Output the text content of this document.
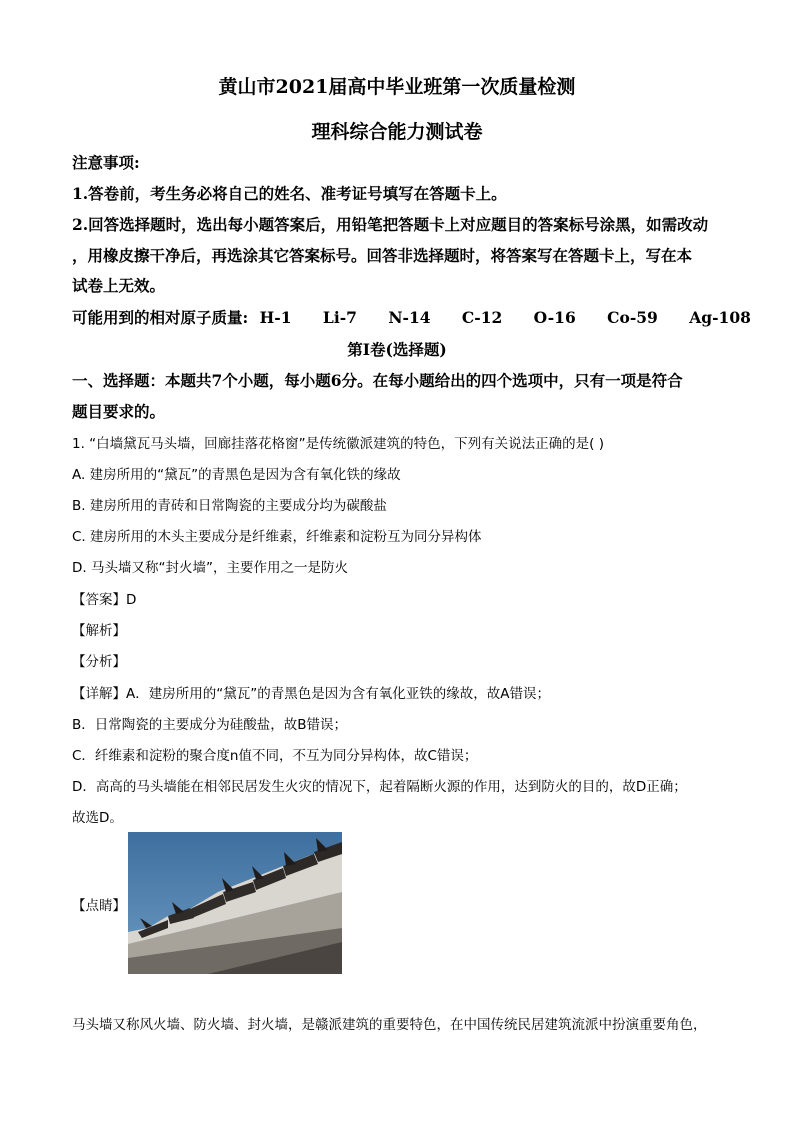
黄山市2021届高中毕业班第一次质量检测
理科综合能力测试卷
注意事项:
1.答卷前，考生务必将自己的姓名、准考证号填写在答题卡上。
2.回答选择题时，选出每小题答案后，用铅笔把答题卡上对应题目的答案标号涂黑，如需改动
，用橡皮擦干净后，再选涂其它答案标号。回答非选择题时，将答案写在答题卡上，写在本
试卷上无效。
可能用到的相对原子质量: H-1 Li-7 N-14 C-12 O-16 Co-59 Ag-108
第Ⅰ卷(选择题)
一、选择题：本题共7个小题，每小题6分。在每小题给出的四个选项中，只有一项是符合
题目要求的。
1. “白墙黛瓦马头墙，回廊挂落花格窗”是传统徽派建筑的特色，下列有关说法正确的是( )
A. 建房所用的“黛瓦”的青黑色是因为含有氧化铁的缘故
B. 建房所用的青砖和日常陶瓷的主要成分均为碳酸盐
C. 建房所用的木头主要成分是纤维素，纤维素和淀粉互为同分异构体
D. 马头墙又称“封火墙”，主要作用之一是防火
【答案】D
【解析】
【分析】
【详解】A．建房所用的“黛瓦”的青黑色是因为含有氧化亚铁的缘故，故A错误；
B．日常陶瓷的主要成分为硅酸盐，故B错误；
C．纤维素和淀粉的聚合度n值不同，不互为同分异构体，故C错误；
D．高高的马头墙能在相邻民居发生火灾的情况下，起着隔断火源的作用，达到防火的目的，故D正确；
故选D。
【点睛】
马头墙又称风火墙、防火墙、封火墙，是赣派建筑的重要特色，在中国传统民居建筑流派中扮演重要角色，
